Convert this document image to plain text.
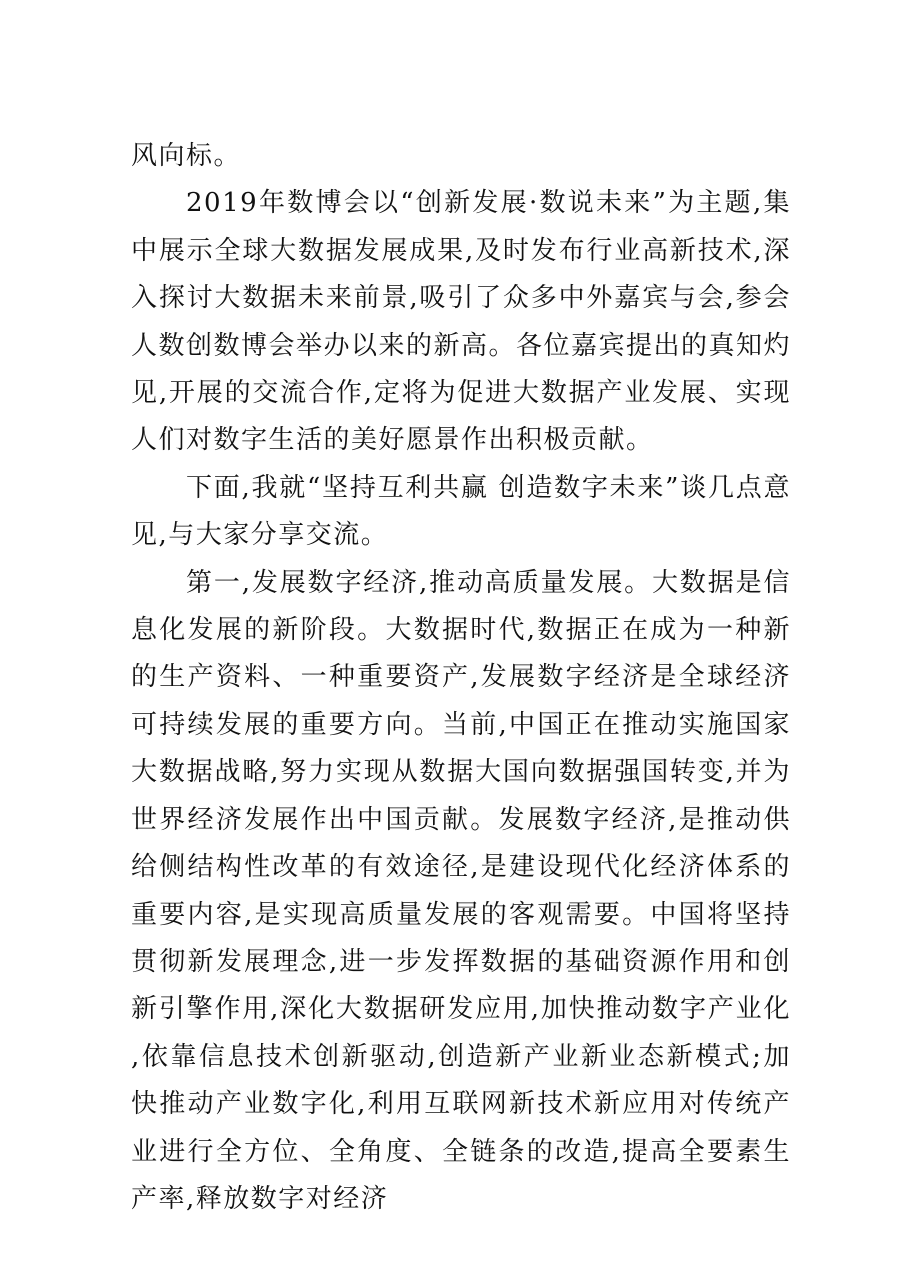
风向标。

2019年数博会以“创新发展·数说未来”为主题,集中展示全球大数据发展成果,及时发布行业高新技术,深入探讨大数据未来前景,吸引了众多中外嘉宾与会,参会人数创数博会举办以来的新高。各位嘉宾提出的真知灼见,开展的交流合作,定将为促进大数据产业发展、实现人们对数字生活的美好愿景作出积极贡献。

下面,我就“坚持互利共赢 创造数字未来”谈几点意见,与大家分享交流。

第一,发展数字经济,推动高质量发展。大数据是信息化发展的新阶段。大数据时代,数据正在成为一种新的生产资料、一种重要资产,发展数字经济是全球经济可持续发展的重要方向。当前,中国正在推动实施国家大数据战略,努力实现从数据大国向数据强国转变,并为世界经济发展作出中国贡献。发展数字经济,是推动供给侧结构性改革的有效途径,是建设现代化经济体系的重要内容,是实现高质量发展的客观需要。中国将坚持贯彻新发展理念,进一步发挥数据的基础资源作用和创新引擎作用,深化大数据研发应用,加快推动数字产业化,依靠信息技术创新驱动,创造新产业新业态新模式;加快推动产业数字化,利用互联网新技术新应用对传统产业进行全方位、全角度、全链条的改造,提高全要素生产率,释放数字对经济
